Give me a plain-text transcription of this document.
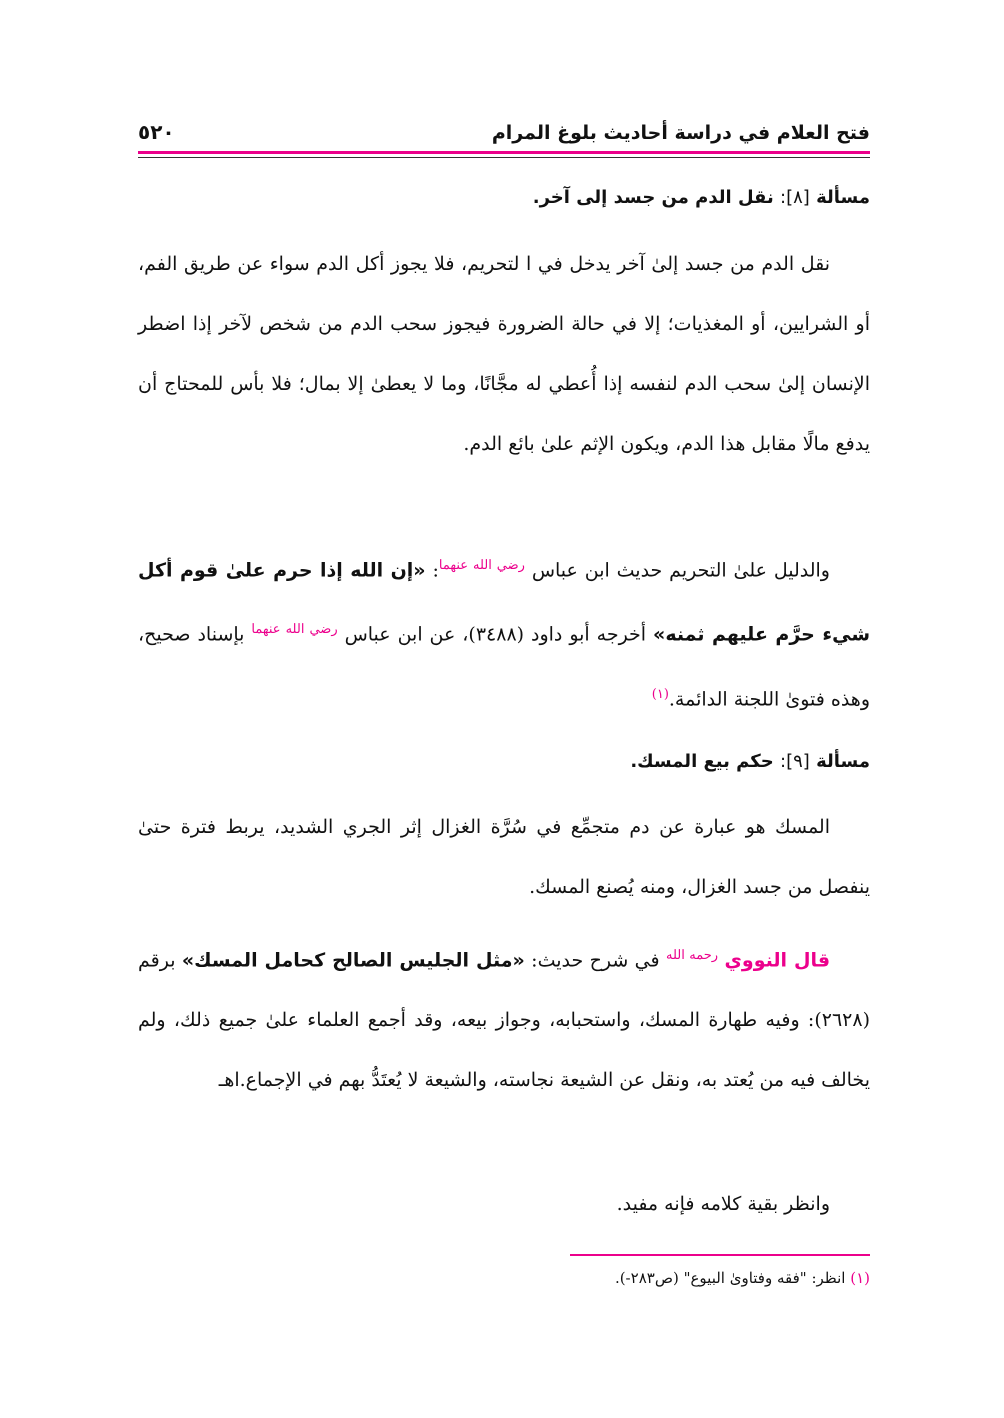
فتح العلام في دراسة أحاديث بلوغ المرام
٥٢٠
مسألة [٨]: نقل الدم من جسد إلى آخر.
نقل الدم من جسد إلىٰ آخر يدخل في ا لتحريم، فلا يجوز أكل الدم سواء عن طريق الفم، أو الشرايين، أو المغذيات؛ إلا في حالة الضرورة فيجوز سحب الدم من شخص لآخر إذا اضطر الإنسان إلىٰ سحب الدم لنفسه إذا أُعطي له مجَّانًا، وما لا يعطىٰ إلا بمال؛ فلا بأس للمحتاج أن يدفع مالًا مقابل هذا الدم، ويكون الإثم علىٰ بائع الدم.
والدليل علىٰ التحريم حديث ابن عباس $^{رضي الله عنهما}$: «إن الله إذا حرم علىٰ قوم أكل شيء حرَّم عليهم ثمنه» أخرجه أبو داود (٣٤٨٨)، عن ابن عباس $^{رضي الله عنهما}$ بإسناد صحيح، وهذه فتوىٰ اللجنة الدائمة.$^{(١)}$
مسألة [٩]: حكم بيع المسك.
المسك هو عبارة عن دم متجمِّع في سُرَّة الغزال إثر الجري الشديد، يربط فترة حتىٰ ينفصل من جسد الغزال، ومنه يُصنع المسك.
قال النووي $^{رحمه الله}$ في شرح حديث: «مثل الجليس الصالح كحامل المسك» برقم (٢٦٢٨): وفيه طهارة المسك، واستحبابه، وجواز بيعه، وقد أجمع العلماء علىٰ جميع ذلك، ولم يخالف فيه من يُعتد به، ونقل عن الشيعة نجاسته، والشيعة لا يُعتَدُّ بهم في الإجماع.اهـ
وانظر بقية كلامه فإنه مفيد.
(١) انظر: "فقه وفتاوىٰ البيوع" (ص٢٨٣-).
